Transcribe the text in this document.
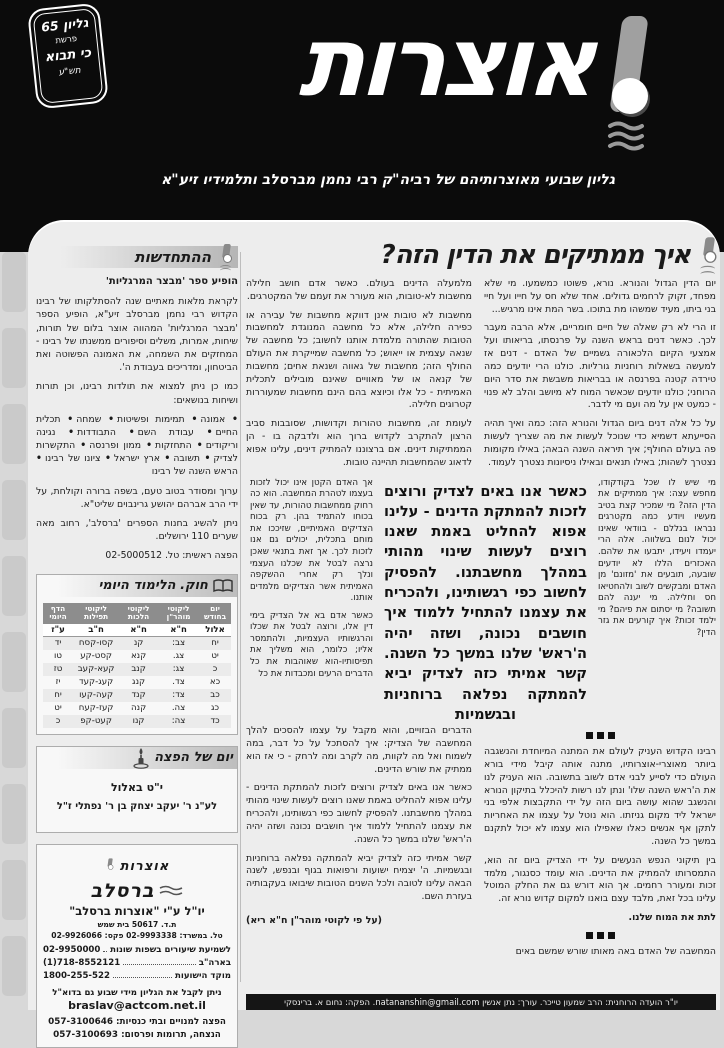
גליון 65
פרשת
כי תבוא
תש"ע אוצרות
גליון שבועי מאוצרותיהם של רביה"ק רבי נחמן מברסלב ותלמידיו זיע"א
ההתחדשות

הופיע ספר 'מבצר המרגליות'

לקראת מלאות מאתיים שנה להסתלקותו של רבינו הקדוש רבי נחמן מברסלב זיע"א, הופיע הספר 'מבצר המרגליות' המהווה אוצר בלום של תורות, שיחות, אמרות, משלים וסיפורים ממשנתו של רבינו - המחזקים את השמחה, את האמונה הפשוטה ואת הביטחון, ומדריכים בעבודת ה'.

כמו כן ניתן למצוא את תולדות רבינו, וכן תורות ושיחות בנושאים:

• אמונה• תמימות ופשיטות• שמחה• תכלית החיים• עבודת השם• התבודדות• נגינה וריקודים• התחזקות• ממון ופרנסה• התקשרות לצדיק• תשובה• ארץ ישראל• ציונו של רבינו• הראש השנה של רבינו

ערוך ומסודר בטוב טעם, בשפה ברורה וקולחת, על ידי הרב אברהם יהושע גרינבוים שליט"א.

ניתן להשיג בחנות הספרים 'ברסלב', רחוב מאה שערים 110 ירושלים.

הפצה ראשית: טל. 02-5000512

חוק. הלימוד היומי
יום בחודש	ליקוטי מוהר"ן	ליקוטי הלכות	ליקוטי תפילות	הדף היומי
אלול	ח"א	ח"א	ח"ב	ע"ז
יח	צב:	קנ	קסו-קסח	יד
יט	צג.	קנא	קסט-קע	טו
כ	צג:	קנב	קעא-קעב	טז
כא	צד.	קנג	קעג-קעד	יז
כב	צד:	קנד	קעה-קעו	יח
כג	צה.	קנה	קעז-קעח	יט
כד	צה:	קנו	קעט-קפ	כ
יום של הפצה
י"ט באלול
לע"נ ר' יעקב יצחק בן ר' נפתלי ז"ל
אוצרות
ברסלב
יו"ל ע"י "אוצרות ברסלב"
ת.ד. 50617 בית שמש
טל. במשרד: 02-9993338 פקס: 02-9926066
לשמיעת שיעורים בשפות שונות
02-9950000
בארה"ב
(1)718-8552121
מוקד הישועות
1800-255-522
ניתן לקבל את הגליון מידי שבוע גם בדוא"ל
braslav@actcom.net.il
הפצה למנויים ובתי כנסיות: 057-3100646
הנצחה, תרומות ופרסום: 057-3100693
איך ממתיקים את הדין הזה?

יום הדין הגדול והנורא. נורא, פשוטו כמשמעו. מי שלא מפחד, זקוק לרחמים גדולים. אחד שלא חס על חייו ועל חיי בני ביתו, מעיד שמשהו מת בתוכו. בשר המת אינו מרגיש...

זו הרי לא רק שאלה של חיים חומריים, אלא הרבה מעבר לכך. כאשר דנים בראש השנה על פרנסתו, בריאותו ועל אמצעי הקיום הלכאורה גשמיים של האדם - דנים אז למעשה בשאלות רוחניות גורליות. כולנו הרי יודעים כמה טירדה קטנה בפרנסה או בבריאות משבשת את סדר היום הרוחני; כולנו יודעים שכאשר המוח לא מיושב והלב לא פנוי - כמעט אין על מה ועם מי לדבר.

על כל אלה דנים ביום הגדול והנורא הזה: כמה ואיך תהיה הסייעתא דשמיא כדי שנוכל לעשות את מה שצריך לעשות פה בעולם החולף; איך תיראה השנה הבאה; באילו מקומות נצטרך לשהות; באילו תנאים ובאילו ניסיונות נצטרך לעמוד.

מלמעלה הדינים בעולם. כאשר אדם חושב חלילה מחשבות לא-טובות, הוא מעורר את זעמם של המקטרגים.

מחשבות לא טובות אינן דווקא מחשבות של עבירה או כפירה חלילה, אלא כל מחשבה המנוגדת למחשבות הטובות שהתורה מלמדת אותנו לחשוב; כל מחשבה של שנאה עצמית או ייאוש; כל מחשבה שמייקרת את העולם החולף הזה; מחשבות של גאווה ושנאת אחים; מחשבות של קנאה או של מאוויים שאינם מובילים לתכלית האמיתית - כל אלו וכיוצא בהם הינם מחשבות שמעוררות קטרוגים חלילה.

לעומת זה, מחשבות טהורות וקדושות, שסובבות סביב הרצון להתקרב לקדוש ברוך הוא ולדבקה בו - הן הממתיקות דינים. אם ברצוננו להמתיק דינים, עלינו אפוא לדאוג שהמחשבות תהיינה טובות.

מי שיש לו שכל בקודקודו, מחפש עצה: איך ממתיקים את הדין הזה? מי שמכיר קצת בטיב מעשיו ויודע כמה מקטרגים נבראו בגללם - בוודאי שאינו יכול לנום בשלווה. אלה הרי יעמדו ויעידו, יתבעו את שלהם. האכזרים הללו לא יודעים שובעה, תובעים את 'מזונם' מן האדם ומבקשים לשוב ולהחטיאו חס וחלילה. מי יענה להם תשובה? מי יסתום את פיהם? מי ילמד זכות? איך קורעים את גזר הדין?

כאשר אנו באים לצדיק ורוצים לזכות להמתקת הדינים - עלינו אפוא להחליט באמת שאנו רוצים לעשות שינוי מהותי במהלך מחשבתנו. להפסיק לחשוב כפי רגשותינו, ולהכריח את עצמנו להתחיל ללמוד איך חושבים נכונה, ושזה יהיה ה'ראש' שלנו במשך כל השנה. קשר אמיתי כזה לצדיק יביא להמתקה נפלאה ברוחניות ובגשמיות

אך האדם הקטן אינו יכול לזכות בעצמו לטהרת המחשבה. הוא כה רחוק ממחשבות טהורות, עד שאין בכוחו להתמיד בהן. רק בכוח הצדיקים האמיתיים, שזיככו את מוחם בתכלית, יכולים גם אנו לזכות לכך. אך זאת בתנאי שאכן נרצה לבטל את שכלנו העצמי ונלך רק אחרי ההשקפה האמיתית אשר הצדיקים מלמדים אותנו.

כאשר אדם בא אל הצדיק בימי דין אלו, ורוצה לבטל את שכלו והרגשותיו העצמיות, ולהתמסר אליו; כלומר, הוא משליך את תפיסותיו-הוא שאוהבות את כל הדברים הרעים ומכבדות את כל

רבינו הקדוש העניק לעולם את המתנה המיוחדת והנשגבה ביותר מאוצרי-אוצרותיו, מתנה אותה קיבל מידי בורא העולם כדי לסייע לבני אדם לשוב בתשובה. הוא העניק לנו את ה'ראש השנה שלו' ונתן לנו רשות להיכלל בתיקון הנורא והנשגב שהוא עושה ביום הזה על ידי התקבצות אלפי בני ישראל ליד מקום גניזתו. הוא נוטל על עצמו את האחריות לתקן אף אנשים כאלו שאפילו הוא עצמו לא יכול לתקנם במשך כל השנה.

בין תיקוני הנפש הנעשים על ידי הצדיק ביום זה הוא, התמסרותו להמתיק את הדינים. הוא עומד כסנגור, מלמד זכות ומעורר רחמים. אך הוא דורש גם את החלק המוטל עלינו בכל זאת, מלבד עצם בואנו למקום קדוש נורא זה.

לתת את המוח שלנו.

המחשבה של האדם באה מאותו שורש שמשם באים

הדברים הבזויים, והוא מקבל על עצמו להסכים להלך המחשבה של הצדיק: איך להסתכל על כל דבר, במה לשמוח ואל מה לקוות, מה לקרב ומה לרחק - כי אז הוא ממתיק את שורש הדינים.

כאשר אנו באים לצדיק ורוצים לזכות להמתקת הדינים - עלינו אפוא להחליט באמת שאנו רוצים לעשות שינוי מהותי במהלך מחשבתנו. להפסיק לחשוב כפי רגשותינו, ולהכריח את עצמנו להתחיל ללמוד איך חושבים נכונה ושזה יהיה ה'ראש' שלנו במשך כל השנה.

קשר אמיתי כזה לצדיק יביא להמתקה נפלאה ברוחניות ובגשמיות. ה' יצמיח ישועות ורפואות בגוף ובנפש, לשנה הבאה עלינו לטובה ולכל השנים הטובות שיבואו בעקבותיה בעזרת השם.

(על פי לקוטי מוהר"ן ח"א ריא)
יו"ר הועדה הרוחנית: הרב שמעון טייכר. עורך: נתן אנשין natananshin@gmail.com. הפקה: נחום א. ברינסקי
